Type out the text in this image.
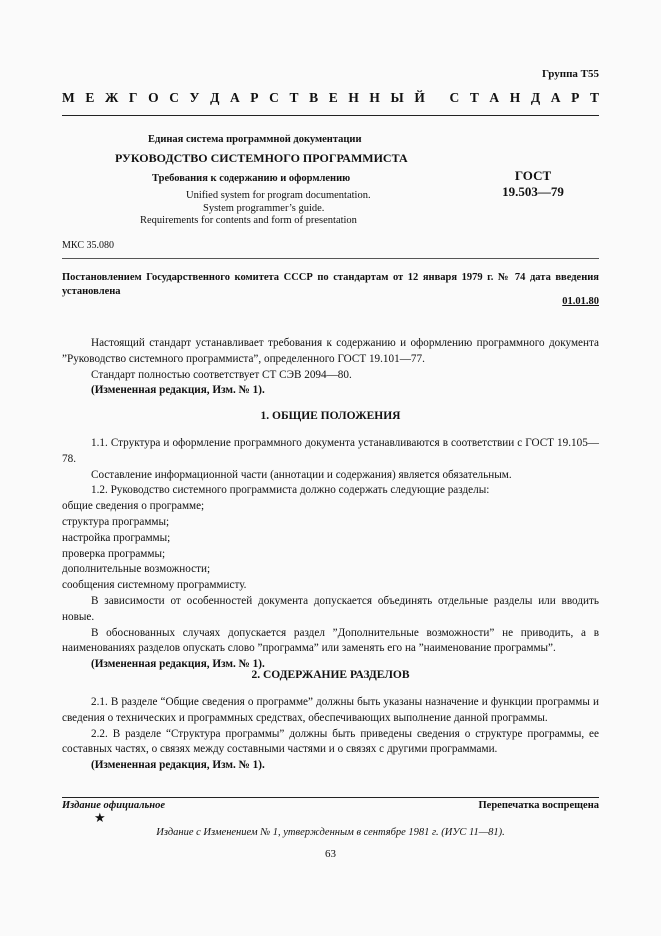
Группа Т55
М Е Ж Г О С У Д А Р С Т В Е Н Н Ы Й
С Т А Н Д А Р Т
Единая система программной документации
РУКОВОДСТВО СИСТЕМНОГО ПРОГРАММИСТА
Требования к содержанию и оформлению
Unified system for program documentation.
System programmer’s guide.
Requirements for contents and form of presentation
ГОСТ
19.503—79
МКС 35.080
Постановлением Государственного комитета СССР по стандартам от 12 января 1979 г. № 74 дата введения установлена
01.01.80

Настоящий стандарт устанавливает требования к содержанию и оформлению программного документа ”Руководство системного программиста”, определенного ГОСТ 19.101—77.

Стандарт полностью соответствует СТ СЭВ 2094—80.

(Измененная редакция, Изм. № 1).

1. ОБЩИЕ ПОЛОЖЕНИЯ

1.1. Структура и оформление программного документа устанавливаются в соответствии с ГОСТ 19.105—78.

Составление информационной части (аннотации и содержания) является обязательным.

1.2. Руководство системного программиста должно содержать следующие разделы:

общие сведения о программе;

структура программы;

настройка программы;

проверка программы;

дополнительные возможности;

сообщения системному программисту.

В зависимости от особенностей документа допускается объединять отдельные разделы или вводить новые.

В обоснованных случаях допускается раздел ”Дополнительные возможности” не приводить, а в наименованиях разделов опускать слово ”программа” или заменять его на ”наименование программы”.

(Измененная редакция, Изм. № 1).

2. СОДЕРЖАНИЕ РАЗДЕЛОВ

2.1. В разделе “Общие сведения о программе” должны быть указаны назначение и функции программы и сведения о технических и программных средствах, обеспечивающих выполнение данной программы.

2.2. В разделе “Структура программы” должны быть приведены сведения о структуре программы, ее составных частях, о связях между составными частями и о связях с другими программами.

(Измененная редакция, Изм. № 1).

Издание официальное	Перепечатка воспрещена
★
Издание с Изменением № 1, утвержденным в сентябре 1981 г. (ИУС 11—81).
63
